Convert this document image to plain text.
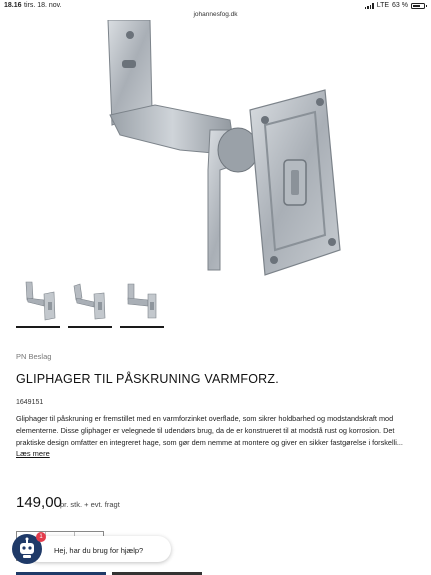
18.16 tirs. 18. nov.
johannesfog.dk
LTE 63 %
PN Beslag
GLIPHAGER TIL PÅSKRUNING VARMFORZ.
1649151

Gliphager til påskruning er fremstillet med en varmforzinket overflade, som sikrer holdbarhed og modstandskraft mod elementerne. Disse gliphager er velegnede til udendørs brug, da de er konstrueret til at modstå rust og korrosion. Det praktiske design omfatter en integreret hage, som gør dem nemme at montere og giver en sikker fastgørelse i forskelli...

Læs mere
149,00
pr. stk. + evt. fragt
Hej, har du brug for hjælp?
1
